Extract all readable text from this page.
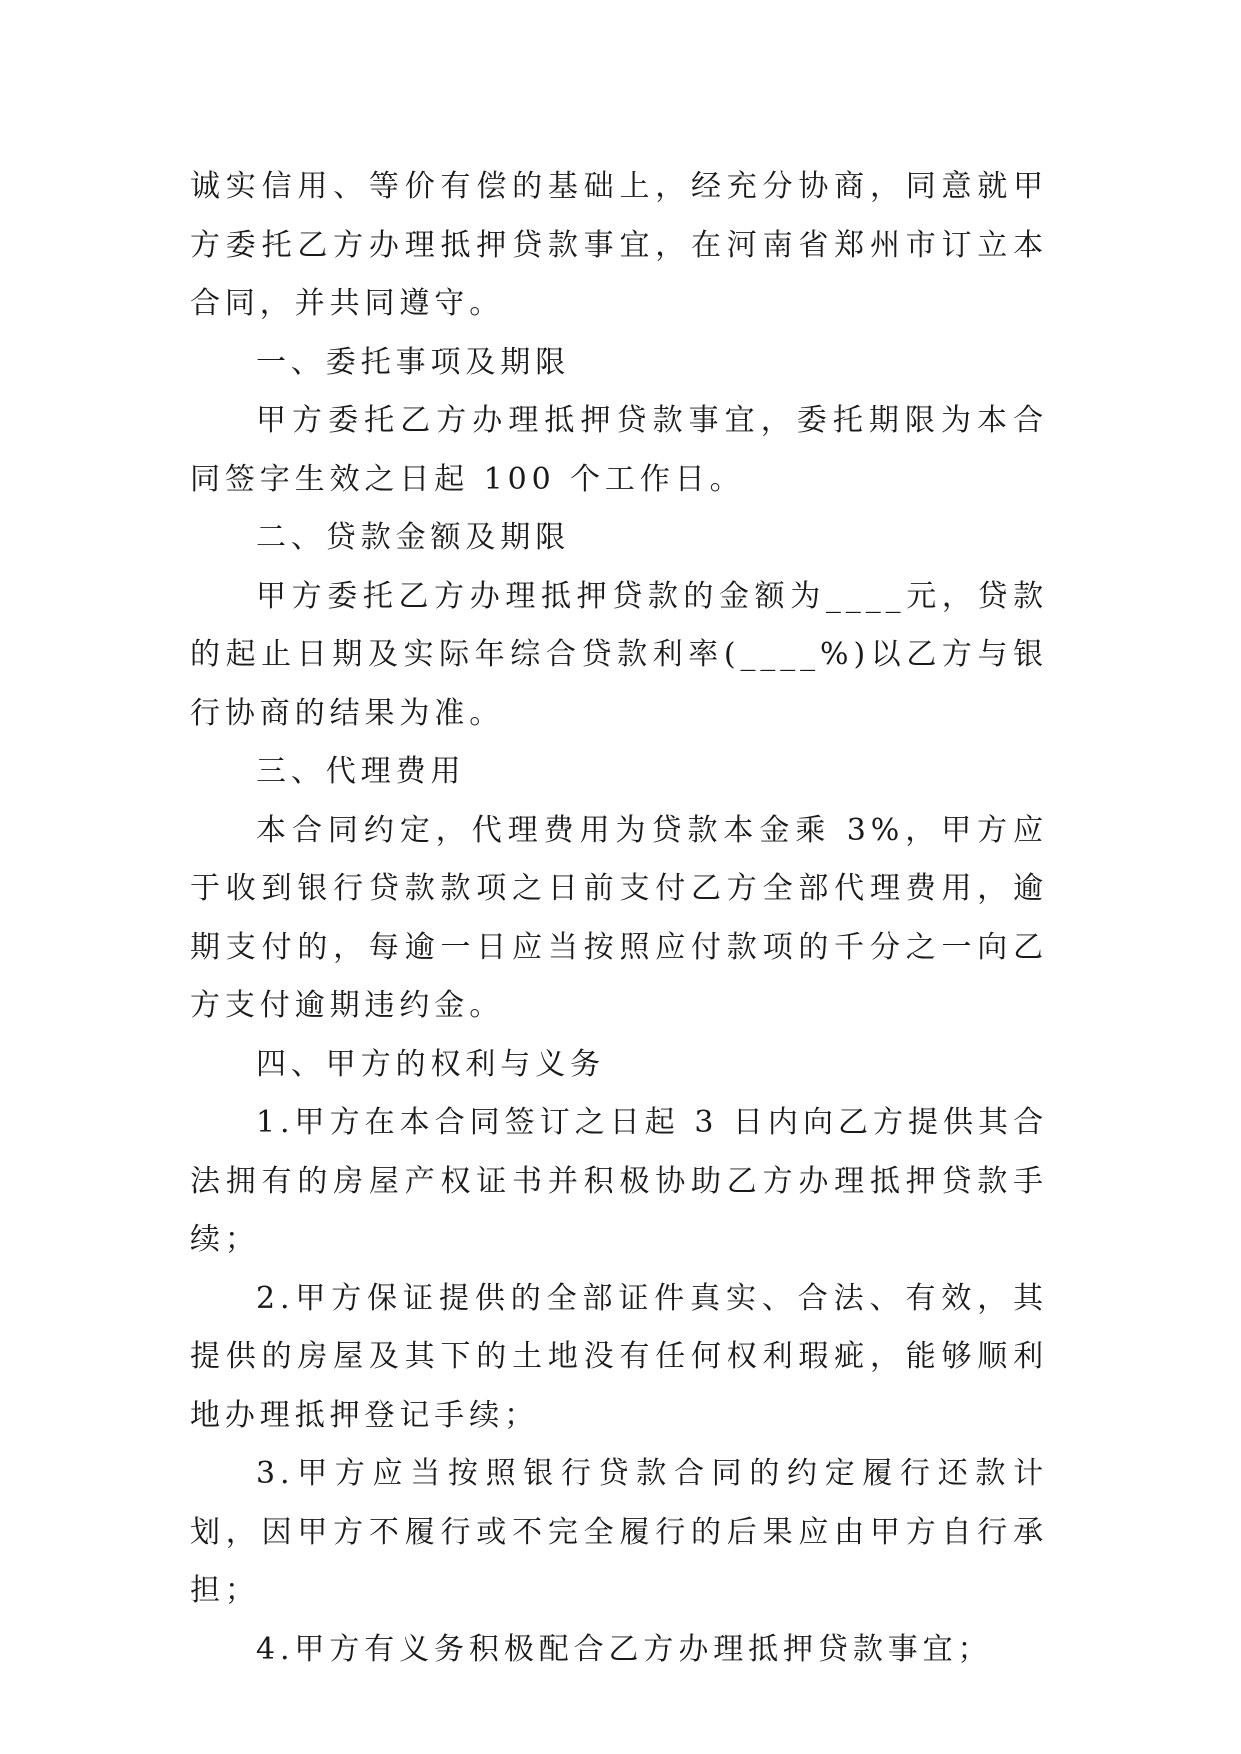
诚实信用、等价有偿的基础上，经充分协商，同意就甲方委托乙方办理抵押贷款事宜，在河南省郑州市订立本合同，并共同遵守。

一、委托事项及期限

甲方委托乙方办理抵押贷款事宜，委托期限为本合同签字生效之日起 100 个工作日。

二、贷款金额及期限

甲方委托乙方办理抵押贷款的金额为____元，贷款的起止日期及实际年综合贷款利率(____%)以乙方与银行协商的结果为准。

三、代理费用

本合同约定，代理费用为贷款本金乘 3%，甲方应于收到银行贷款款项之日前支付乙方全部代理费用，逾期支付的，每逾一日应当按照应付款项的千分之一向乙方支付逾期违约金。

四、甲方的权利与义务

1.甲方在本合同签订之日起 3 日内向乙方提供其合法拥有的房屋产权证书并积极协助乙方办理抵押贷款手续；

2.甲方保证提供的全部证件真实、合法、有效，其提供的房屋及其下的土地没有任何权利瑕疵，能够顺利地办理抵押登记手续；

3.甲方应当按照银行贷款合同的约定履行还款计划，因甲方不履行或不完全履行的后果应由甲方自行承担；

4.甲方有义务积极配合乙方办理抵押贷款事宜；
